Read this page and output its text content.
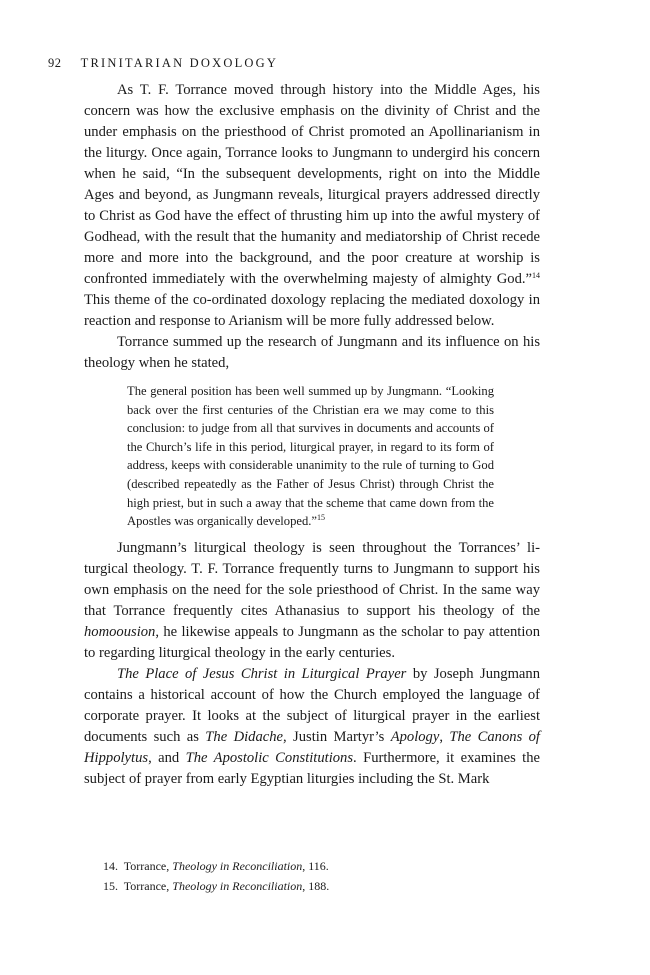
92 TRINITARIAN DOXOLOGY

As T. F. Torrance moved through history into the Middle Ages, his concern was how the exclusive emphasis on the divinity of Christ and the under emphasis on the priesthood of Christ promoted an Apollinarianism in the liturgy. Once again, Torrance looks to Jungmann to undergird his concern when he said, “In the subsequent developments, right on into the Middle Ages and beyond, as Jungmann reveals, liturgical prayers addressed directly to Christ as God have the effect of thrusting him up into the awful mystery of Godhead, with the result that the humanity and mediatorship of Christ recede more and more into the background, and the poor creature at worship is confronted immediately with the overwhelming majesty of almighty God.”$^{14}$ This theme of the co-ordinated doxology replacing the mediated doxology in reaction and response to Arianism will be more fully addressed below.

Torrance summed up the research of Jungmann and its influence on his theology when he stated,

The general position has been well summed up by Jungmann. “Looking back over the first centuries of the Christian era we may come to this conclusion: to judge from all that survives in documents and accounts of the Church’s life in this period, liturgical prayer, in regard to its form of address, keeps with considerable unanimity to the rule of turning to God (described repeatedly as the Father of Jesus Christ) through Christ the high priest, but in such a away that the scheme that came down from the Apostles was organically developed.”$^{15}$

Jungmann’s liturgical theology is seen throughout the Torrances’ liturgical theology. T. F. Torrance frequently turns to Jungmann to support his own emphasis on the need for the sole priesthood of Christ. In the same way that Torrance frequently cites Athanasius to support his theology of the homoousion, he likewise appeals to Jungmann as the scholar to pay attention to regarding liturgical theology in the early centuries.

The Place of Jesus Christ in Liturgical Prayer by Joseph Jungmann contains a historical account of how the Church employed the language of corporate prayer. It looks at the subject of liturgical prayer in the earliest documents such as The Didache, Justin Martyr’s Apology, The Canons of Hippolytus, and The Apostolic Constitutions. Furthermore, it examines the subject of prayer from early Egyptian liturgies including the St. Mark

14. Torrance, Theology in Reconciliation, 116.
15. Torrance, Theology in Reconciliation, 188.
